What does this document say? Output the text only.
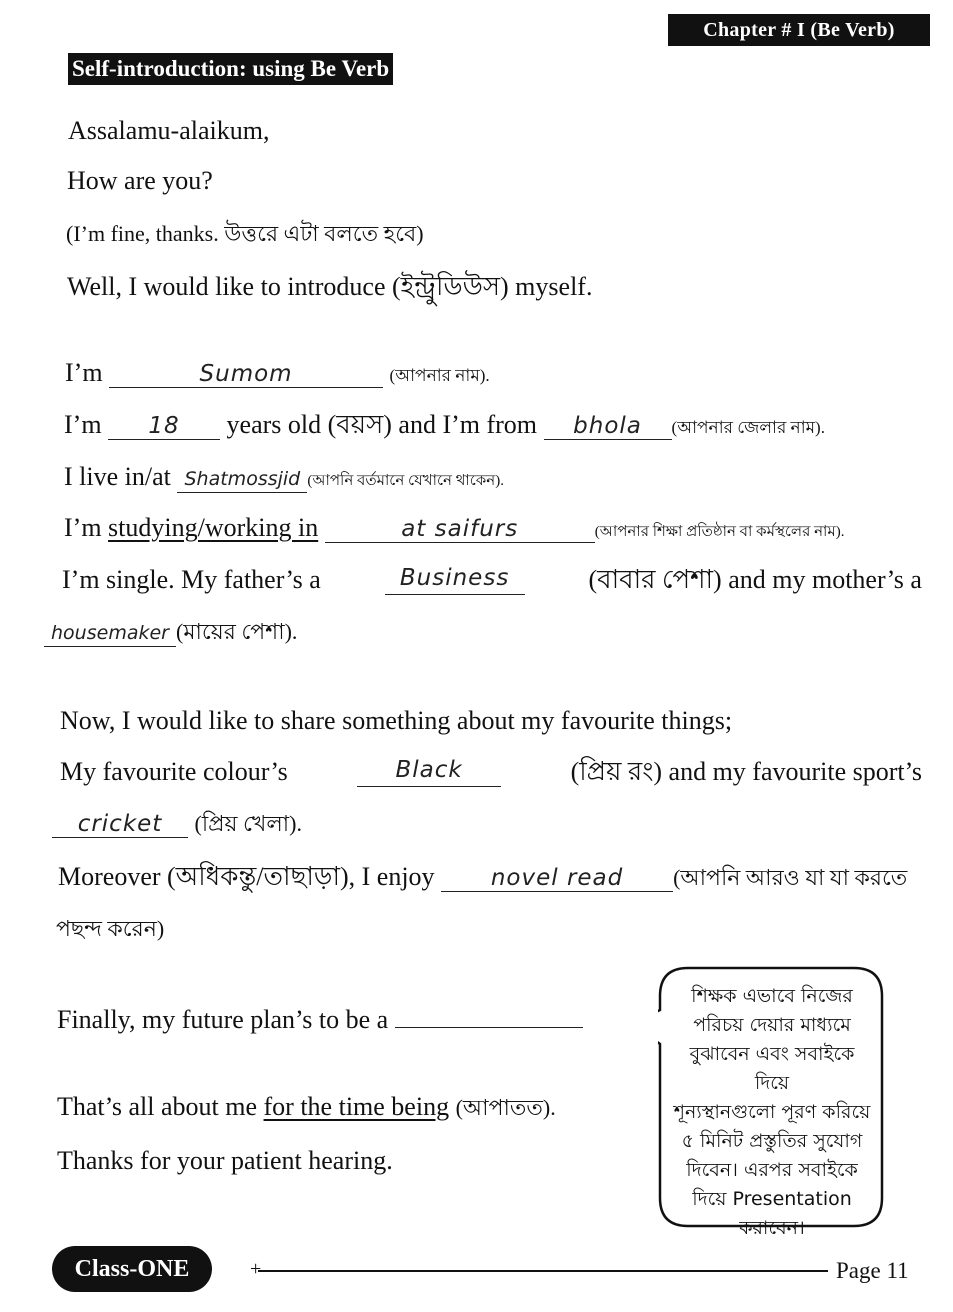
Chapter # I (Be Verb)
Self-introduction: using Be Verb
Assalamu-alaikum,
How are you?
(I’m fine, thanks. উত্তরে এটা বলতে হবে)
Well, I would like to introduce (ইন্ট্রুডিউস) myself.
I’m	Sumom	(আপনার নাম).
I’m 18 years old (বয়স) and I’m from bhola (আপনার জেলার নাম).
I live in/at Shatmossjid (আপনি বর্তমানে যেখানে থাকেন).
I’m studying/working in	at saifurs	(আপনার শিক্ষা প্রতিষ্ঠান বা কর্মস্থলের নাম).
I’m single. My father’s a	Business	(বাবার পেশা) and my mother’s a
housemaker (মায়ের পেশা).
Now, I would like to share something about my favourite things;
My favourite colour’s	Black	(প্রিয় রং) and my favourite sport’s
cricket (প্রিয় খেলা).
Moreover (অধিকন্তু/তাছাড়া), I enjoy novel read (আপনি আরও যা যা করতে
পছন্দ করেন)
Finally, my future plan’s to be a
That’s all about me for the time being (আপাতত).
Thanks for your patient hearing.
শিক্ষক এভাবে নিজের
পরিচয় দেয়ার মাধ্যমে
বুঝাবেন এবং সবাইকে দিয়ে
শূন্যস্থানগুলো পূরণ করিয়ে
৫ মিনিট প্রস্তুতির সুযোগ
দিবেন। এরপর সবাইকে
দিয়ে Presentation
করাবেন।
Class-ONE	+	Page 11
